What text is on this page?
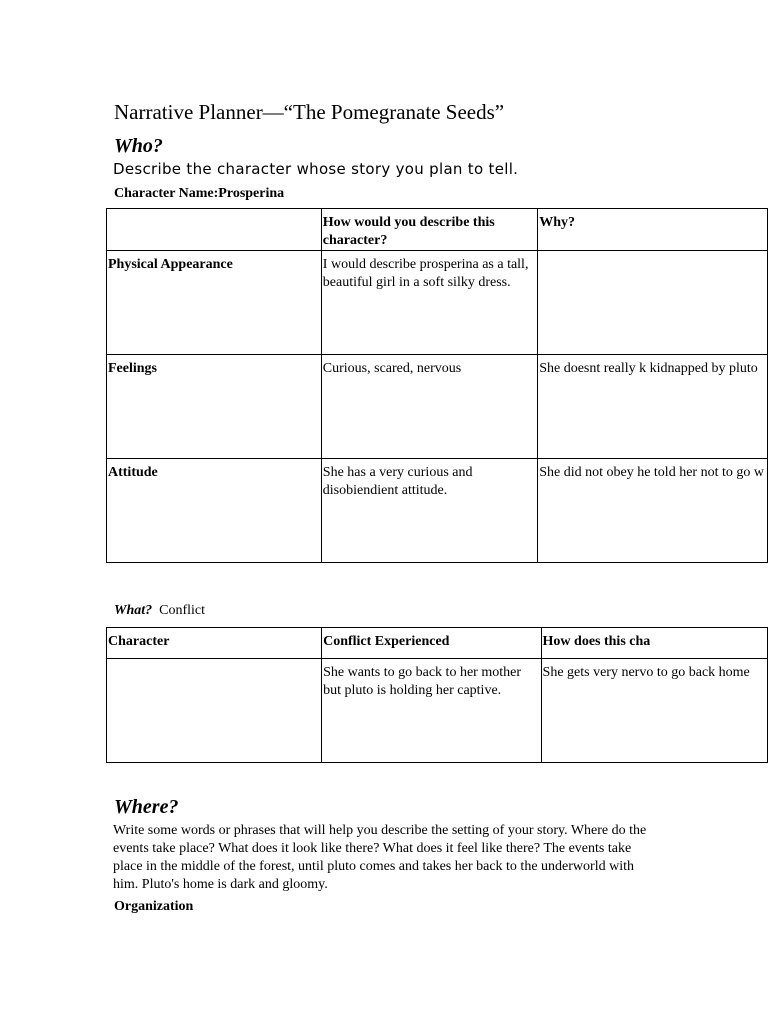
Narrative Planner—“The Pomegranate Seeds”
Who?
Describe the character whose story you plan to tell.
Character Name:Prosperina
	How would you describe this character?	Why?
Physical Appearance	I would describe prosperina as a tall, beautiful girl in a soft silky dress.	
Feelings	Curious, scared, nervous	She doesnt really k kidnapped by pluto
Attitude	She has a very curious and disobiendient attitude.	She did not obey he told her not to go w
What? Conflict
Character	Conflict Experienced	How does this cha
	She wants to go back to her mother but pluto is holding her captive.	She gets very nervo to go back home
Where?
Write some words or phrases that will help you describe the setting of your story. Where do the events take place? What does it look like there? What does it feel like there? The events take place in the middle of the forest, until pluto comes and takes her back to the underworld with him. Pluto's home is dark and gloomy.
Organization
